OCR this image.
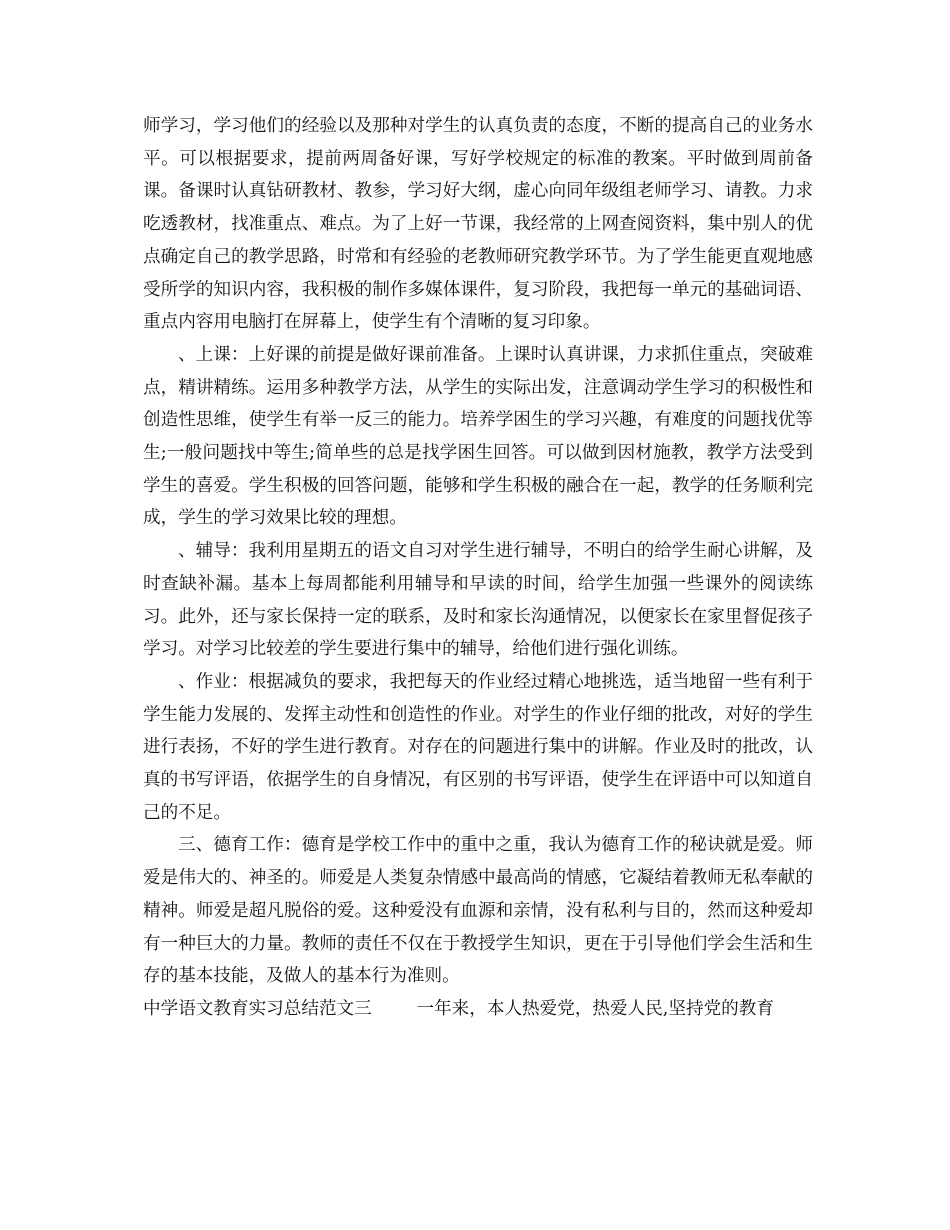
师学习，学习他们的经验以及那种对学生的认真负责的态度，不断的提高自己的业务水平。可以根据要求，提前两周备好课，写好学校规定的标准的教案。平时做到周前备课。备课时认真钻研教材、教参，学习好大纲，虚心向同年级组老师学习、请教。力求吃透教材，找准重点、难点。为了上好一节课，我经常的上网查阅资料，集中别人的优点确定自己的教学思路，时常和有经验的老教师研究教学环节。为了学生能更直观地感受所学的知识内容，我积极的制作多媒体课件，复习阶段，我把每一单元的基础词语、重点内容用电脑打在屏幕上，使学生有个清晰的复习印象。

、上课：上好课的前提是做好课前准备。上课时认真讲课，力求抓住重点，突破难点，精讲精练。运用多种教学方法，从学生的实际出发，注意调动学生学习的积极性和创造性思维，使学生有举一反三的能力。培养学困生的学习兴趣，有难度的问题找优等生;一般问题找中等生;简单些的总是找学困生回答。可以做到因材施教，教学方法受到学生的喜爱。学生积极的回答问题，能够和学生积极的融合在一起，教学的任务顺利完成，学生的学习效果比较的理想。

、辅导：我利用星期五的语文自习对学生进行辅导，不明白的给学生耐心讲解，及时查缺补漏。基本上每周都能利用辅导和早读的时间，给学生加强一些课外的阅读练习。此外，还与家长保持一定的联系，及时和家长沟通情况，以便家长在家里督促孩子学习。对学习比较差的学生要进行集中的辅导，给他们进行强化训练。

、作业：根据减负的要求，我把每天的作业经过精心地挑选，适当地留一些有利于学生能力发展的、发挥主动性和创造性的作业。对学生的作业仔细的批改，对好的学生进行表扬，不好的学生进行教育。对存在的问题进行集中的讲解。作业及时的批改，认真的书写评语，依据学生的自身情况，有区别的书写评语，使学生在评语中可以知道自己的不足。

三、德育工作：德育是学校工作中的重中之重，我认为德育工作的秘诀就是爱。师爱是伟大的、神圣的。师爱是人类复杂情感中最高尚的情感，它凝结着教师无私奉献的精神。师爱是超凡脱俗的爱。这种爱没有血源和亲情，没有私利与目的，然而这种爱却有一种巨大的力量。教师的责任不仅在于教授学生知识，更在于引导他们学会生活和生存的基本技能，及做人的基本行为准则。

中学语文教育实习总结范文三	一年来，本人热爱党，热爱人民,坚持党的教育
